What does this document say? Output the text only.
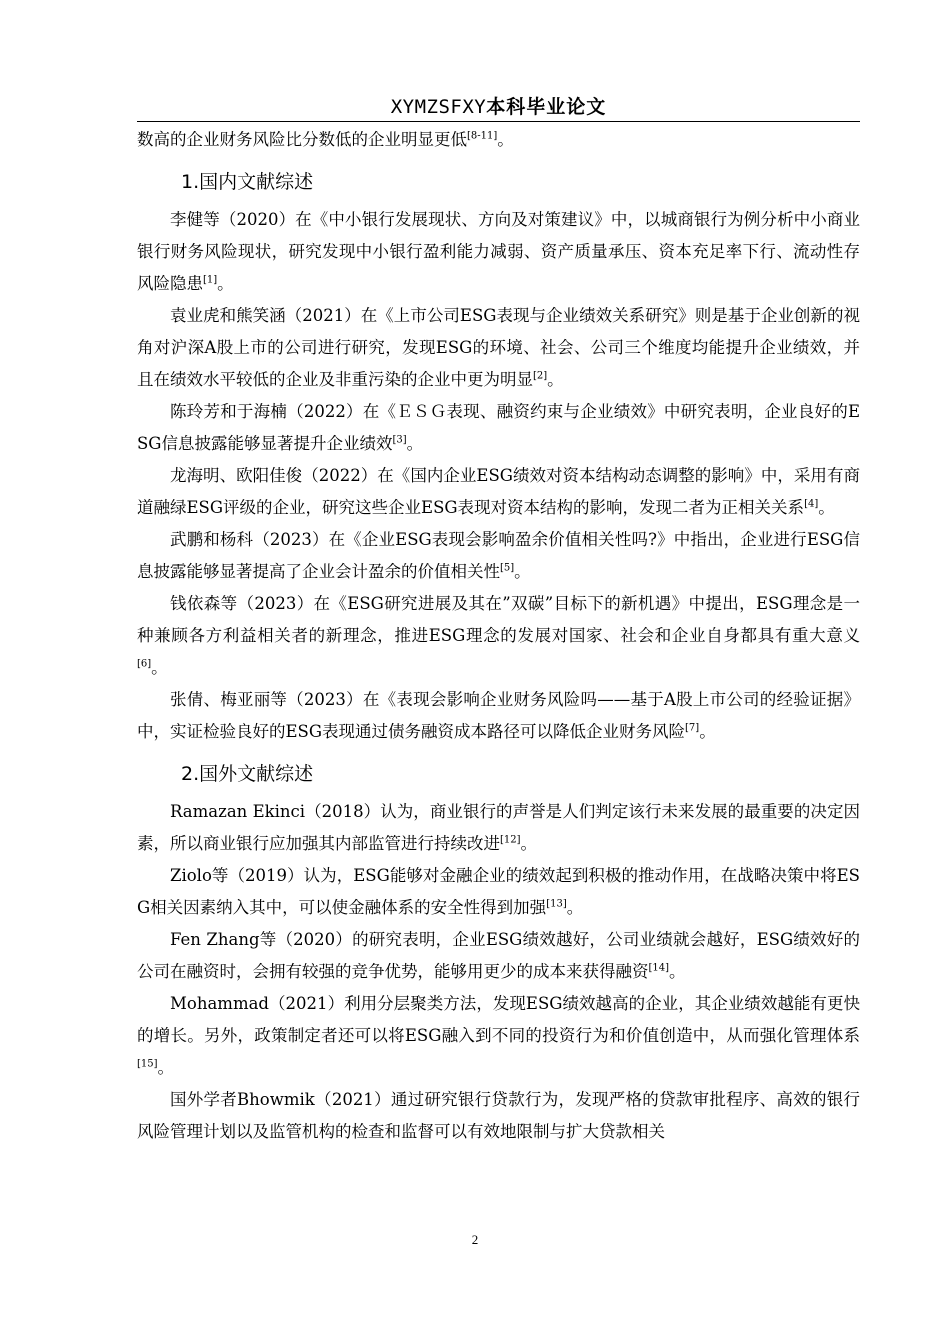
XYMZSFXY本科毕业论文

数高的企业财务风险比分数低的企业明显更低[8-11]。

1.国内文献综述

李健等（2020）在《中小银行发展现状、方向及对策建议》中，以城商银行为例分析中小商业银行财务风险现状，研究发现中小银行盈利能力减弱、资产质量承压、资本充足率下行、流动性存风险隐患[1]。

袁业虎和熊笑涵（2021）在《上市公司ESG表现与企业绩效关系研究》则是基于企业创新的视角对沪深A股上市的公司进行研究，发现ESG的环境、社会、公司三个维度均能提升企业绩效，并且在绩效水平较低的企业及非重污染的企业中更为明显[2]。

陈玲芳和于海楠（2022）在《ＥＳＧ表现、融资约束与企业绩效》中研究表明，企业良好的ESG信息披露能够显著提升企业绩效[3]。

龙海明、欧阳佳俊（2022）在《国内企业ESG绩效对资本结构动态调整的影响》中，采用有商道融绿ESG评级的企业，研究这些企业ESG表现对资本结构的影响，发现二者为正相关关系[4]。

武鹏和杨科（2023）在《企业ESG表现会影响盈余价值相关性吗?》中指出，企业进行ESG信息披露能够显著提高了企业会计盈余的价值相关性[5]。

钱依森等（2023）在《ESG研究进展及其在”双碳”目标下的新机遇》中提出，ESG理念是一种兼顾各方利益相关者的新理念，推进ESG理念的发展对国家、社会和企业自身都具有重大意义[6]。

张倩、梅亚丽等（2023）在《表现会影响企业财务风险吗——基于A股上市公司的经验证据》中，实证检验良好的ESG表现通过债务融资成本路径可以降低企业财务风险[7]。

2.国外文献综述

Ramazan Ekinci（2018）认为，商业银行的声誉是人们判定该行未来发展的最重要的决定因素，所以商业银行应加强其内部监管进行持续改进[12]。

Ziolo等（2019）认为，ESG能够对金融企业的绩效起到积极的推动作用，在战略决策中将ESG相关因素纳入其中，可以使金融体系的安全性得到加强[13]。

Fen Zhang等（2020）的研究表明，企业ESG绩效越好，公司业绩就会越好，ESG绩效好的公司在融资时，会拥有较强的竞争优势，能够用更少的成本来获得融资[14]。

Mohammad（2021）利用分层聚类方法，发现ESG绩效越高的企业，其企业绩效越能有更快的增长。另外，政策制定者还可以将ESG融入到不同的投资行为和价值创造中，从而强化管理体系[15]。

国外学者Bhowmik（2021）通过研究银行贷款行为，发现严格的贷款审批程序、高效的银行风险管理计划以及监管机构的检查和监督可以有效地限制与扩大贷款相关

2
